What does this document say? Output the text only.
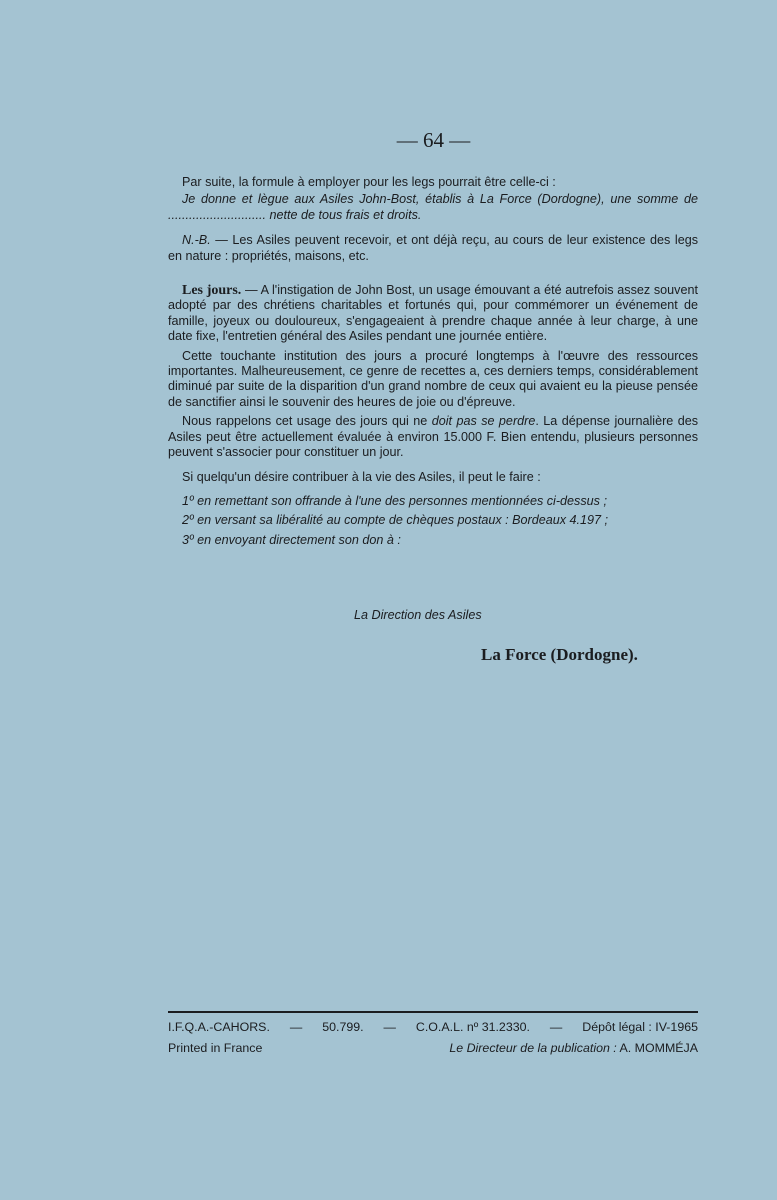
— 64 —

Par suite, la formule à employer pour les legs pourrait être celle-ci :

Je donne et lègue aux Asiles John-Bost, établis à La Force (Dordogne), une somme de ............................ nette de tous frais et droits.

N.-B. — Les Asiles peuvent recevoir, et ont déjà reçu, au cours de leur existence des legs en nature : propriétés, maisons, etc.

Les jours. — A l'instigation de John Bost, un usage émouvant a été autrefois assez souvent adopté par des chrétiens charitables et fortunés qui, pour commémorer un événement de famille, joyeux ou douloureux, s'engageaient à prendre chaque année à leur charge, à une date fixe, l'entretien général des Asiles pendant une journée entière.

Cette touchante institution des jours a procuré longtemps à l'œuvre des ressources importantes. Malheureusement, ce genre de recettes a, ces derniers temps, considérablement diminué par suite de la disparition d'un grand nombre de ceux qui avaient eu la pieuse pensée de sanctifier ainsi le souvenir des heures de joie ou d'épreuve.

Nous rappelons cet usage des jours qui ne doit pas se perdre. La dépense journalière des Asiles peut être actuellement évaluée à environ 15.000 F. Bien entendu, plusieurs personnes peuvent s'associer pour constituer un jour.

Si quelqu'un désire contribuer à la vie des Asiles, il peut le faire :

1º en remettant son offrande à l'une des personnes mentionnées ci-dessus ;

2º en versant sa libéralité au compte de chèques postaux : Bordeaux 4.197 ;

3º en envoyant directement son don à :

La Direction des Asiles
La Force (Dordogne).
I.F.Q.A.-CAHORS. — 50.799. — C.O.A.L. nº 31.2330. — Dépôt légal : IV-1965
Printed in France	Le Directeur de la publication : A. MOMMÉJA
